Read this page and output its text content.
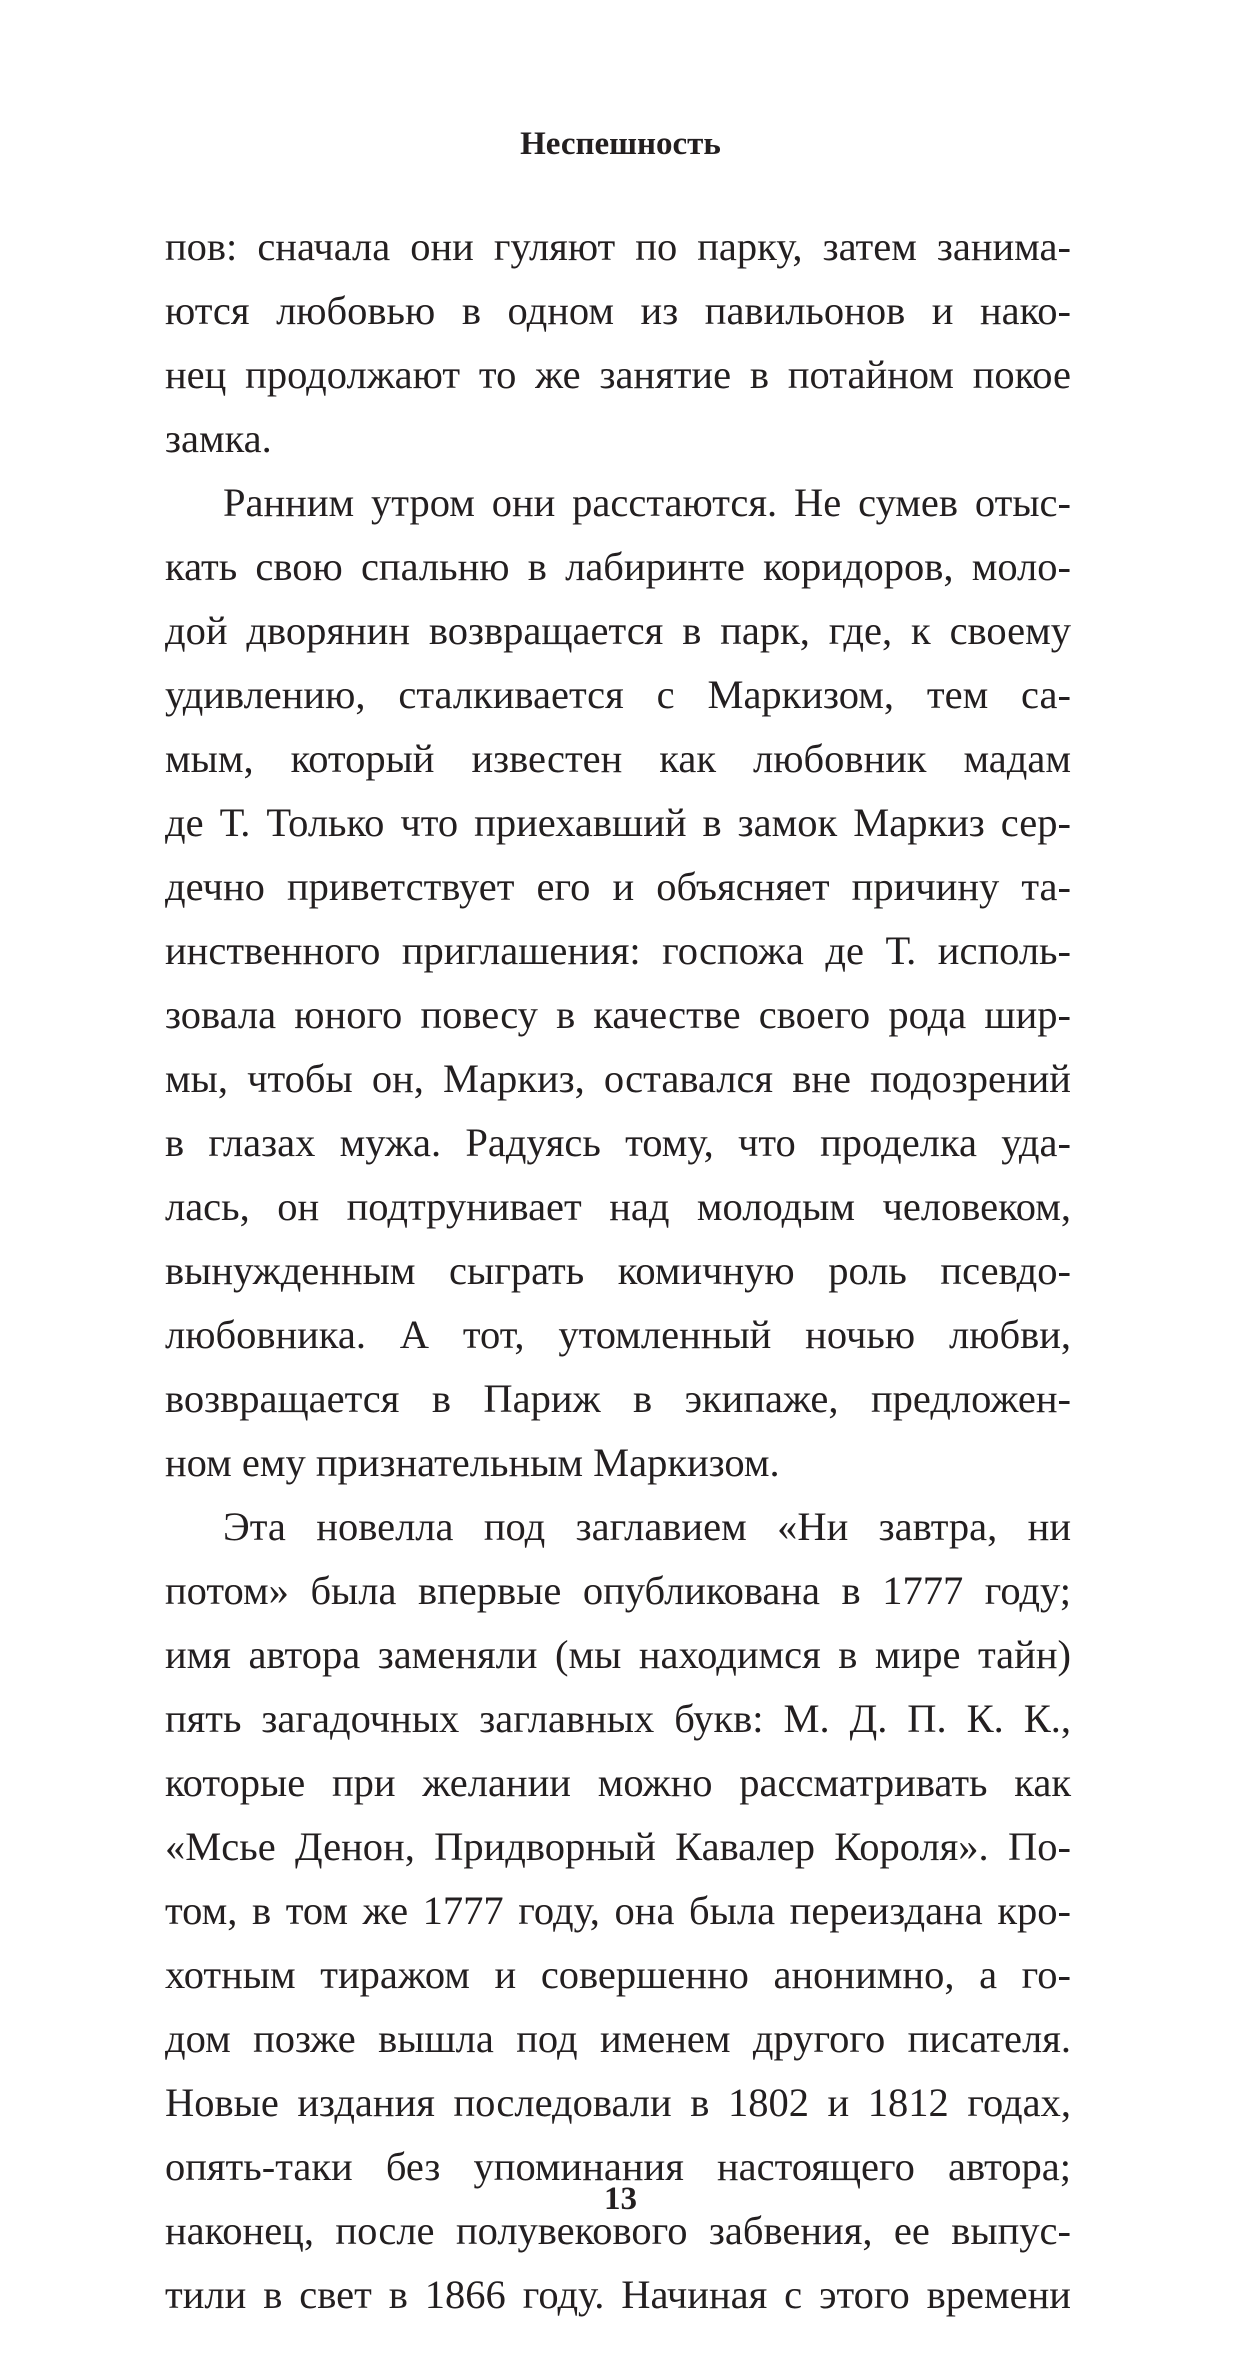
Неспешность
пов: сначала они гуляют по парку, затем занима-
ются любовью в одном из павильонов и нако-
нец продолжают то же занятие в потайном покое
замка.
Ранним утром они расстаются. Не сумев отыс-
кать свою спальню в лабиринте коридоров, моло-
дой дворянин возвращается в парк, где, к своему
удивлению, сталкивается с Маркизом, тем са-
мым, который известен как любовник мадам
де Т. Только что приехавший в замок Маркиз сер-
дечно приветствует его и объясняет причину та-
инственного приглашения: госпожа де Т. исполь-
зовала юного повесу в качестве своего рода шир-
мы, чтобы он, Маркиз, оставался вне подозрений
в глазах мужа. Радуясь тому, что проделка уда-
лась, он подтрунивает над молодым человеком,
вынужденным сыграть комичную роль псевдо-
любовника. А тот, утомленный ночью любви,
возвращается в Париж в экипаже, предложен-
ном ему признательным Маркизом.
Эта новелла под заглавием «Ни завтра, ни
потом» была впервые опубликована в 1777 году;
имя автора заменяли (мы находимся в мире тайн)
пять загадочных заглавных букв: М. Д. П. К. К.,
которые при желании можно рассматривать как
«Мсье Денон, Придворный Кавалер Короля». По-
том, в том же 1777 году, она была переиздана кро-
хотным тиражом и совершенно анонимно, а го-
дом позже вышла под именем другого писателя.
Новые издания последовали в 1802 и 1812 годах,
опять-таки без упоминания настоящего автора;
наконец, после полувекового забвения, ее выпус-
тили в свет в 1866 году. Начиная с этого времени
13
